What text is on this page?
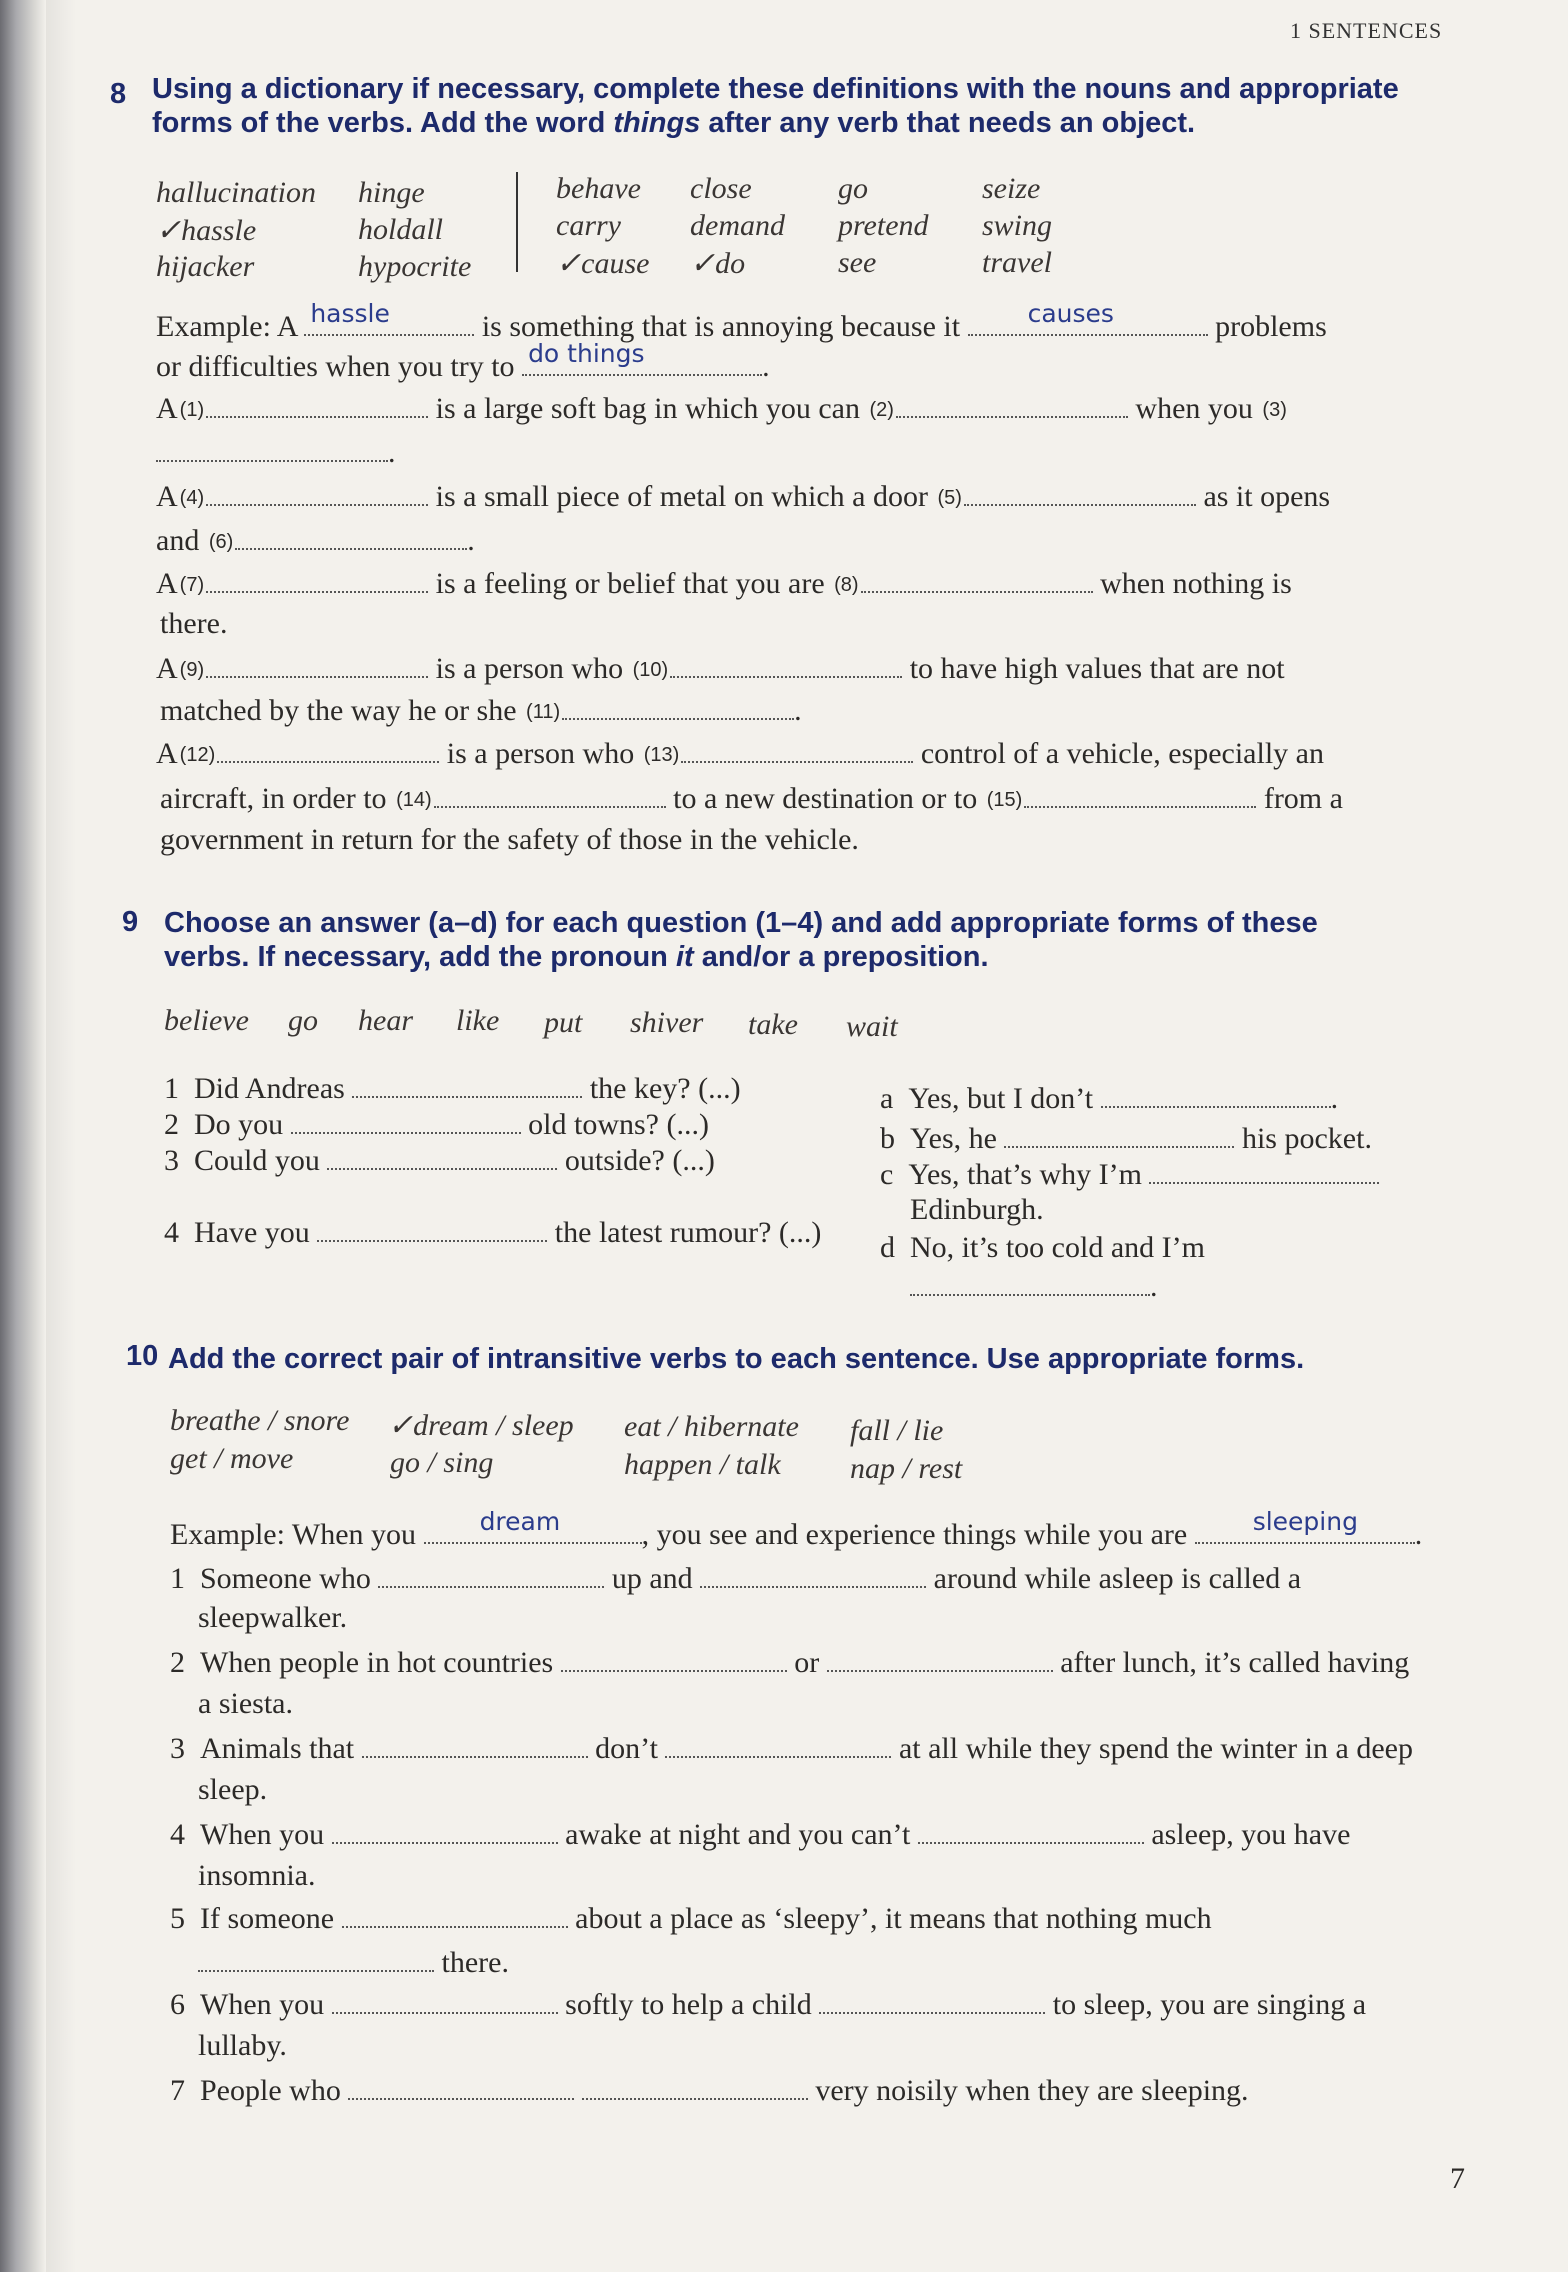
1 SENTENCES
8 Using a dictionary if necessary, complete these definitions with the nouns and appropriate forms of the verbs. Add the word things after any verb that needs an object.
hallucination
✓hassle
hijacker
hinge
holdall
hypocrite
behave
carry
✓cause
close
demand
✓do
go
pretend
see
seize
swing
travel
Example: A hassle	is something that is annoying because it	causes	problems
or difficulties when you try to do things	.
A (1)	is a large soft bag in which you can (2)	when you (3)
.
A (4)	is a small piece of metal on which a door (5)	as it opens
and (6)	.
A (7)	is a feeling or belief that you are (8)	when nothing is
there.
A (9)	is a person who (10)	to have high values that are not
matched by the way he or she (11)	.
A (12)	is a person who (13)	control of a vehicle, especially an
aircraft, in order to (14)	to a new destination or to (15)	from a
government in return for the safety of those in the vehicle.
9 Choose an answer (a–d) for each question (1–4) and add appropriate forms of these verbs. If necessary, add the pronoun it and/or a preposition.
believe go hear like put shiver take wait
1 Did Andreas	the key? (...)
2 Do you	old towns? (...)
3 Could you	outside? (...)
4 Have you	the latest rumour? (...)
a Yes, but I don’t	.
b Yes, he	his pocket.
c Yes, that’s why I’m
Edinburgh.
d No, it’s too cold and I’m
.
10 Add the correct pair of intransitive verbs to each sentence. Use appropriate forms.
breathe / snore
get / move
✓dream / sleep
go / sing
eat / hibernate
happen / talk
fall / lie
nap / rest
Example: When you	dream	, you see and experience things while you are	sleeping .
1 Someone who	up and	around while asleep is called a
sleepwalker.
2 When people in hot countries	or	after lunch, it’s called having
a siesta.
3 Animals that	don’t	at all while they spend the winter in a deep
sleep.
4 When you	awake at night and you can’t	asleep, you have
insomnia.
5 If someone	about a place as ‘sleepy’, it means that nothing much
there.
6 When you	softly to help a child	to sleep, you are singing a
lullaby.
7 People who	very noisily when they are sleeping.
7
